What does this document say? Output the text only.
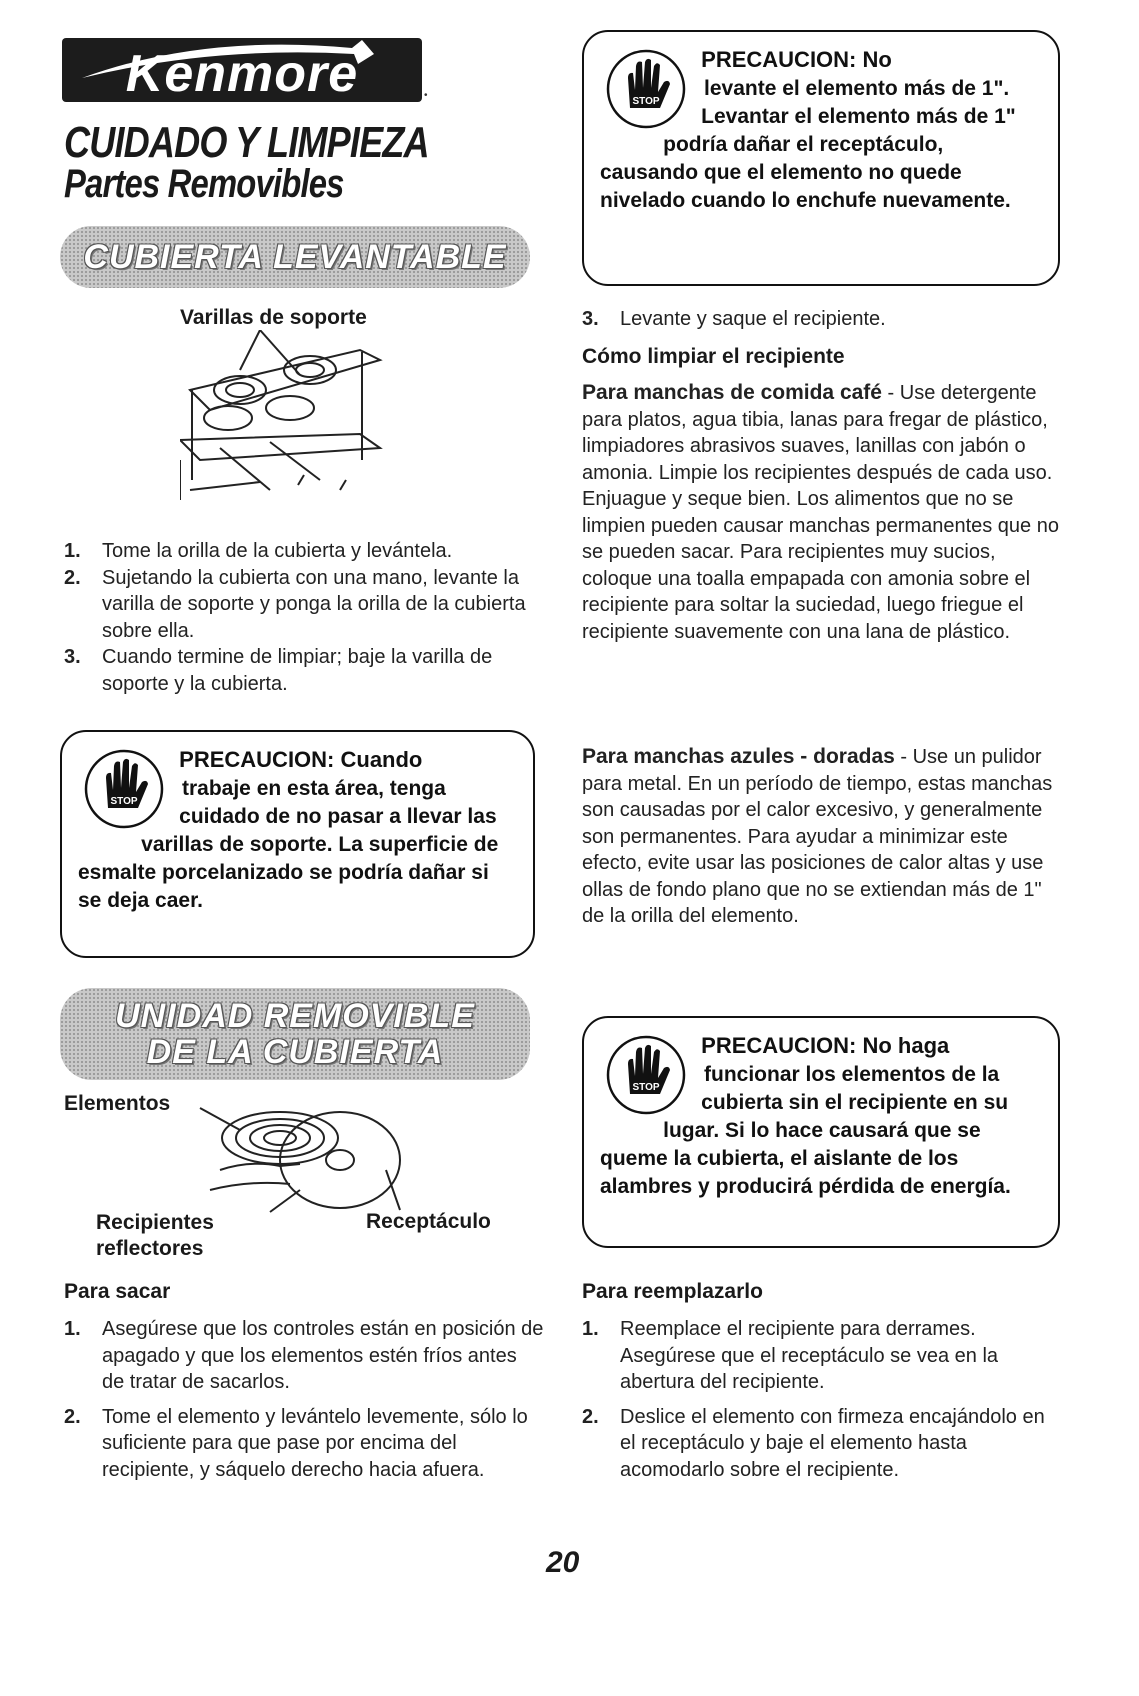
Kenmore	•
CUIDADO Y LIMPIEZA
Partes Removibles
CUBIERTA LEVANTABLE
Varillas de soporte
1. Tome la orilla de la cubierta y levántela.
2. Sujetando la cubierta con una mano, levante la varilla de soporte y ponga la orilla de la cubierta sobre ella.
3. Cuando termine de limpiar; baje la varilla de soporte y la cubierta.
STOP
PRECAUCION: Cuando
trabaje en esta área, tenga cuidado de no pasar a llevar las varillas de soporte. La superficie de esmalte porcelanizado se podría dañar si se deja caer.
UNIDAD REMOVIBLE
DE LA CUBIERTA
Elementos
Recipientes
reflectores
Receptáculo
Para sacar
1. Asegúrese que los controles están en posición de apagado y que los elementos estén fríos antes de tratar de sacarlos.
2. Tome el elemento y levántelo levemente, sólo lo suficiente para que pase por encima del recipiente, y sáquelo derecho hacia afuera.
STOP
PRECAUCION: No
levante el elemento más de 1". Levantar el elemento más de 1" podría dañar el receptáculo, causando que el elemento no quede nivelado cuando lo enchufe nuevamente.
3. Levante y saque el recipiente.
Cómo limpiar el recipiente
Para manchas de comida café - Use detergente para platos, agua tibia, lanas para fregar de plástico, limpiadores abrasivos suaves, lanillas con jabón o amonia. Limpie los recipientes después de cada uso. Enjuague y seque bien. Los alimentos que no se limpien pueden causar manchas permanentes que no se pueden sacar. Para recipientes muy sucios, coloque una toalla empapada con amonia sobre el recipiente para soltar la suciedad, luego friegue el recipiente suavemente con una lana de plástico.
Para manchas azules - doradas - Use un pulidor para metal. En un período de tiempo, estas manchas son causadas por el calor excesivo, y generalmente son permanentes. Para ayudar a minimizar este efecto, evite usar las posiciones de calor altas y use ollas de fondo plano que no se extiendan más de 1" de la orilla del elemento.
STOP
PRECAUCION: No haga
funcionar los elementos de la cubierta sin el recipiente en su lugar. Si lo hace causará que se queme la cubierta, el aislante de los alambres y producirá pérdida de energía.
Para reemplazarlo
1. Reemplace el recipiente para derrames. Asegúrese que el receptáculo se vea en la abertura del recipiente.
2. Deslice el elemento con firmeza encajándolo en el receptáculo y baje el elemento hasta acomodarlo sobre el recipiente.
20
